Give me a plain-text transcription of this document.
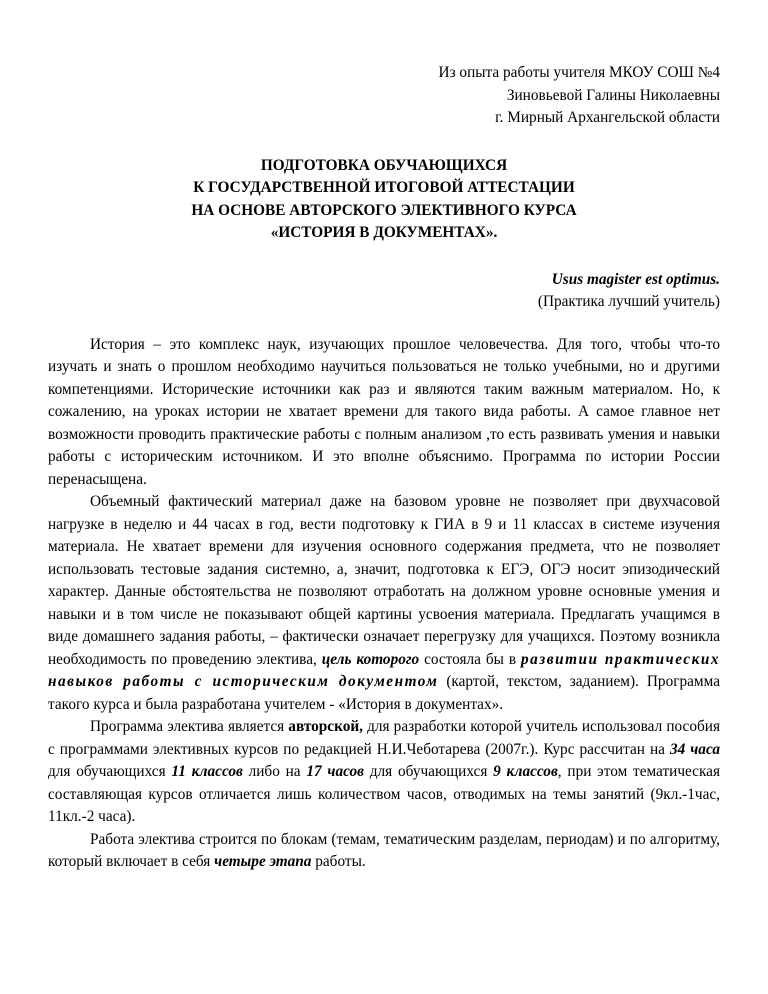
Из опыта работы учителя МКОУ СОШ №4
Зиновьевой Галины Николаевны
г. Мирный Архангельской области
ПОДГОТОВКА ОБУЧАЮЩИХСЯ
К ГОСУДАРСТВЕННОЙ ИТОГОВОЙ АТТЕСТАЦИИ
НА ОСНОВЕ АВТОРСКОГО ЭЛЕКТИВНОГО КУРСА
«ИСТОРИЯ В ДОКУМЕНТАХ».
Usus magister est optimus.
(Практика лучший учитель)

История – это комплекс наук, изучающих прошлое человечества. Для того, чтобы что-то изучать и знать о прошлом необходимо научиться пользоваться не только учебными, но и другими компетенциями. Исторические источники как раз и являются таким важным материалом. Но, к сожалению, на уроках истории не хватает времени для такого вида работы. А самое главное нет возможности проводить практические работы с полным анализом ,то есть развивать умения и навыки работы с историческим источником. И это вполне объяснимо. Программа по истории России перенасыщена.

Объемный фактический материал даже на базовом уровне не позволяет при двухчасовой нагрузке в неделю и 44 часах в год, вести подготовку к ГИА в 9 и 11 классах в системе изучения материала. Не хватает времени для изучения основного содержания предмета, что не позволяет использовать тестовые задания системно, а, значит, подготовка к ЕГЭ, ОГЭ носит эпизодический характер. Данные обстоятельства не позволяют отработать на должном уровне основные умения и навыки и в том числе не показывают общей картины усвоения материала. Предлагать учащимся в виде домашнего задания работы, – фактически означает перегрузку для учащихся. Поэтому возникла необходимость по проведению электива, цель которого состояла бы в развитии практических навыков работы с историческим документом (картой, текстом, заданием). Программа такого курса и была разработана учителем - «История в документах».

Программа электива является авторской, для разработки которой учитель использовал пособия с программами элективных курсов по редакцией Н.И.Чеботарева (2007г.). Курс рассчитан на 34 часа для обучающихся 11 классов либо на 17 часов для обучающихся 9 классов, при этом тематическая составляющая курсов отличается лишь количеством часов, отводимых на темы занятий (9кл.-1час, 11кл.-2 часа).

Работа электива строится по блокам (темам, тематическим разделам, периодам) и по алгоритму, который включает в себя четыре этапа работы.
